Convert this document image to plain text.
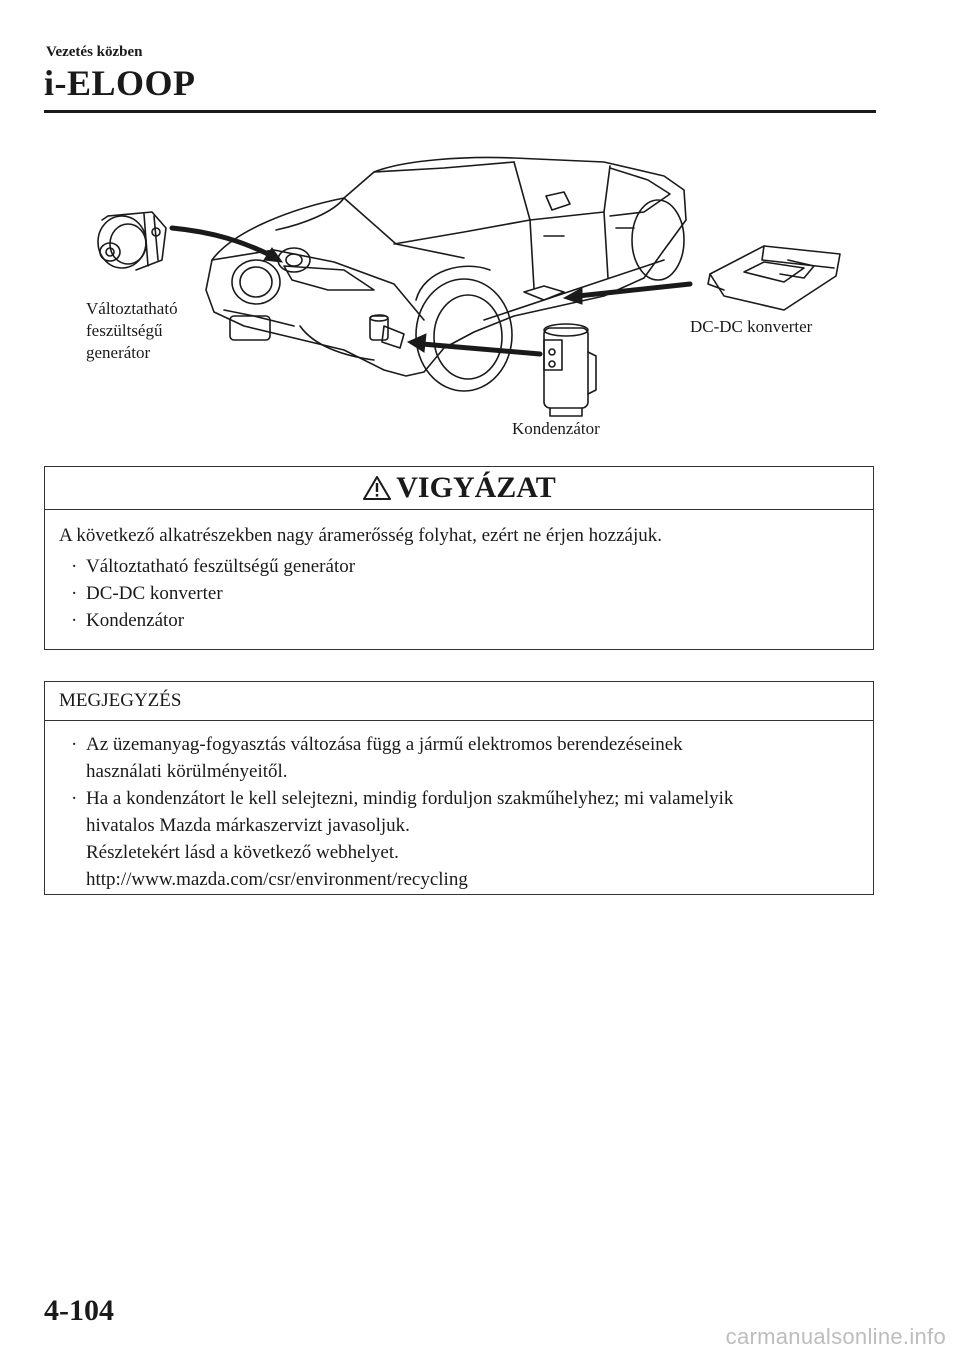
Vezetés közben
i-ELOOP
Változtatható
feszültségű
generátor
DC-DC konverter
Kondenzátor
VIGYÁZAT
A következő alkatrészekben nagy áramerősség folyhat, ezért ne érjen hozzájuk.
· Változtatható feszültségű generátor
· DC-DC konverter
· Kondenzátor
MEGJEGYZÉS
· Az üzemanyag-fogyasztás változása függ a jármű elektromos berendezéseinek
használati körülményeitől.
· Ha a kondenzátort le kell selejtezni, mindig forduljon szakműhelyhez; mi valamelyik
hivatalos Mazda márkaszervizt javasoljuk.
Részletekért lásd a következő webhelyet.
http://www.mazda.com/csr/environment/recycling
4-104
carmanualsonline.info
